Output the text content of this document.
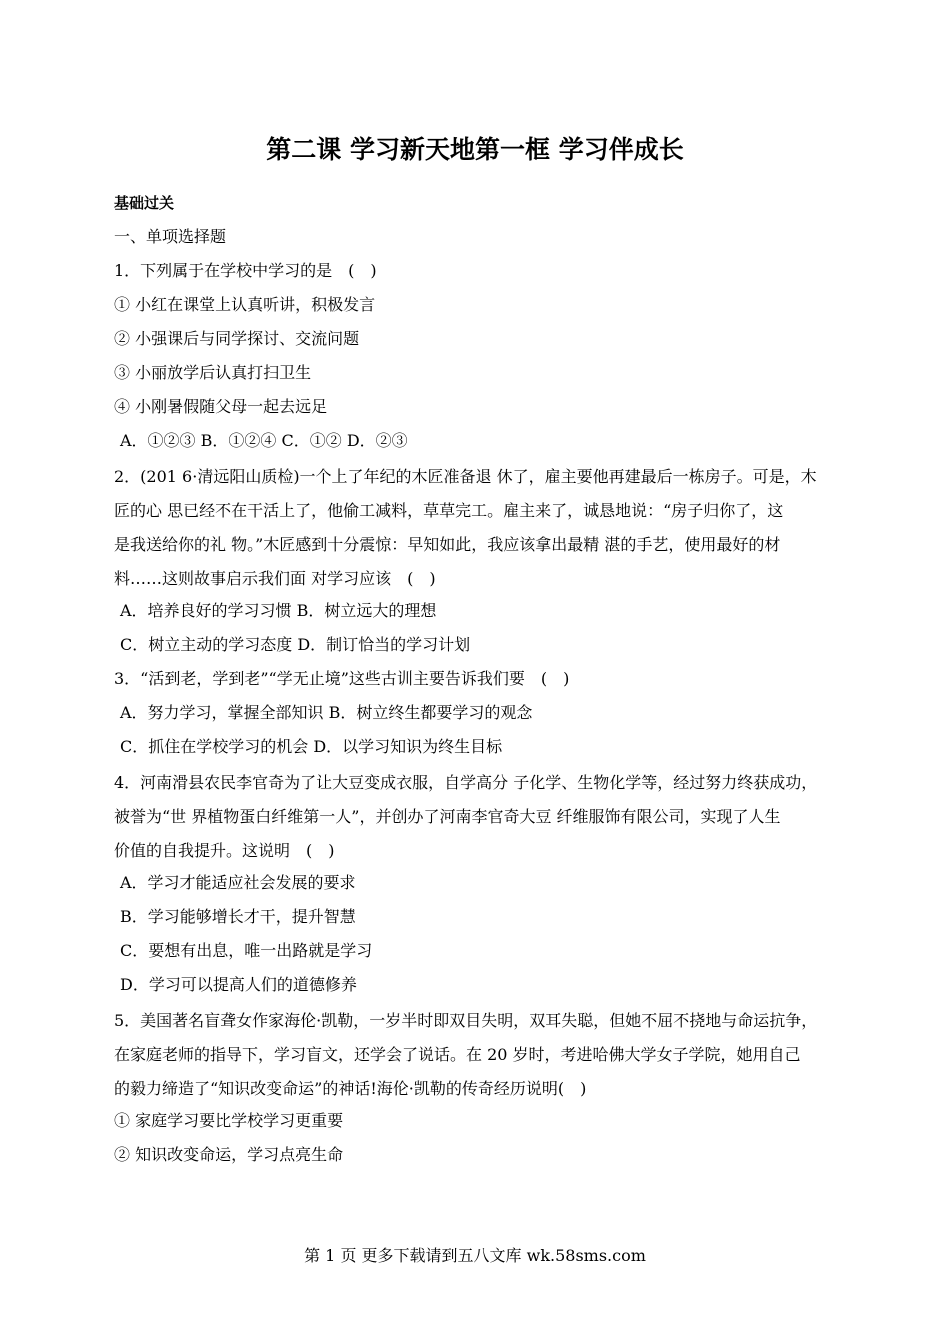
第二课 学习新天地第一框 学习伴成长
基础过关
一、单项选择题
1．下列属于在学校中学习的是　(　)
① 小红在课堂上认真听讲，积极发言
② 小强课后与同学探讨、交流问题
③ 小丽放学后认真打扫卫生
④ 小刚暑假随父母一起去远足
A．①②③ B．①②④ C．①② D．②③
2．(201 6·清远阳山质检)一个上了年纪的木匠准备退 休了，雇主要他再建最后一栋房子。可是，木
匠的心 思已经不在干活上了，他偷工减料，草草完工。雇主来了，诚恳地说：“房子归你了，这
是我送给你的礼 物。”木匠感到十分震惊：早知如此，我应该拿出最精 湛的手艺，使用最好的材
料……这则故事启示我们面 对学习应该　(　)
A．培养良好的学习习惯 B．树立远大的理想
C．树立主动的学习态度 D．制订恰当的学习计划
3．“活到老，学到老”“学无止境”这些古训主要告诉我们要　(　)
A．努力学习，掌握全部知识 B．树立终生都要学习的观念
C．抓住在学校学习的机会 D．以学习知识为终生目标
4．河南滑县农民李官奇为了让大豆变成衣服，自学高分 子化学、生物化学等，经过努力终获成功，
被誉为“世 界植物蛋白纤维第一人”，并创办了河南李官奇大豆 纤维服饰有限公司，实现了人生
价值的自我提升。这说明　(　)
A．学习才能适应社会发展的要求
B．学习能够增长才干，提升智慧
C．要想有出息，唯一出路就是学习
D．学习可以提高人们的道德修养
5．美国著名盲聋女作家海伦·凯勒，一岁半时即双目失明，双耳失聪，但她不屈不挠地与命运抗争，
在家庭老师的指导下，学习盲文，还学会了说话。在 20 岁时，考进哈佛大学女子学院，她用自己
的毅力缔造了“知识改变命运”的神话!海伦·凯勒的传奇经历说明(　)
① 家庭学习要比学校学习更重要
② 知识改变命运，学习点亮生命
第 1 页 更多下载请到五八文库 wk.58sms.com
